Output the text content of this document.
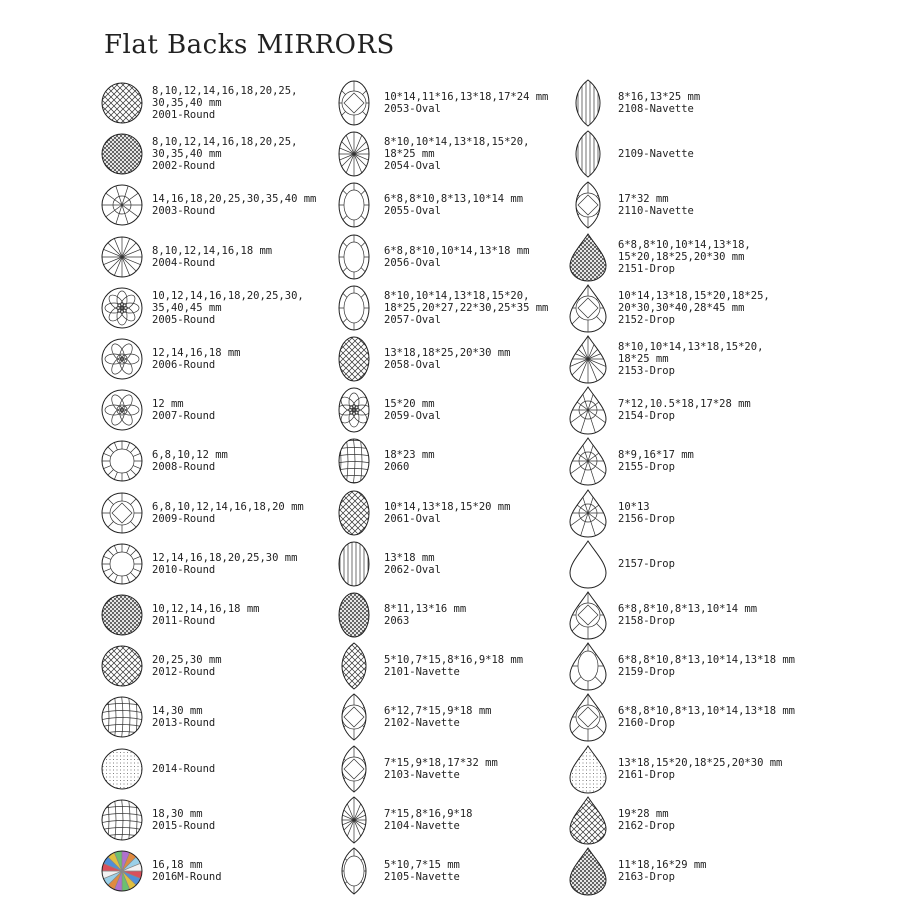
Flat Backs MIRRORS
8,10,12,14,16,18,20,25,
30,35,40 mm
2001-Round
8,10,12,14,16,18,20,25,
30,35,40 mm
2002-Round
14,16,18,20,25,30,35,40 mm
2003-Round
8,10,12,14,16,18 mm
2004-Round
10,12,14,16,18,20,25,30,
35,40,45 mm
2005-Round
12,14,16,18 mm
2006-Round
12 mm
2007-Round
6,8,10,12 mm
2008-Round
6,8,10,12,14,16,18,20 mm
2009-Round
12,14,16,18,20,25,30 mm
2010-Round
10,12,14,16,18 mm
2011-Round
20,25,30 mm
2012-Round
14,30 mm
2013-Round
2014-Round
18,30 mm
2015-Round
16,18 mm
2016M-Round
10*14,11*16,13*18,17*24 mm
2053-Oval
8*10,10*14,13*18,15*20,
18*25 mm
2054-Oval
6*8,8*10,8*13,10*14 mm
2055-Oval
6*8,8*10,10*14,13*18 mm
2056-Oval
8*10,10*14,13*18,15*20,
18*25,20*27,22*30,25*35 mm
2057-Oval
13*18,18*25,20*30 mm
2058-Oval
15*20 mm
2059-Oval
18*23 mm
2060
10*14,13*18,15*20 mm
2061-Oval
13*18 mm
2062-Oval
8*11,13*16 mm
2063
5*10,7*15,8*16,9*18 mm
2101-Navette
6*12,7*15,9*18 mm
2102-Navette
7*15,9*18,17*32 mm
2103-Navette
7*15,8*16,9*18
2104-Navette
5*10,7*15 mm
2105-Navette
8*16,13*25 mm
2108-Navette
2109-Navette
17*32 mm
2110-Navette
6*8,8*10,10*14,13*18,
15*20,18*25,20*30 mm
2151-Drop
10*14,13*18,15*20,18*25,
20*30,30*40,28*45 mm
2152-Drop
8*10,10*14,13*18,15*20,
18*25 mm
2153-Drop
7*12,10.5*18,17*28 mm
2154-Drop
8*9,16*17 mm
2155-Drop
10*13
2156-Drop
2157-Drop
6*8,8*10,8*13,10*14 mm
2158-Drop
6*8,8*10,8*13,10*14,13*18 mm
2159-Drop
6*8,8*10,8*13,10*14,13*18 mm
2160-Drop
13*18,15*20,18*25,20*30 mm
2161-Drop
19*28 mm
2162-Drop
11*18,16*29 mm
2163-Drop
